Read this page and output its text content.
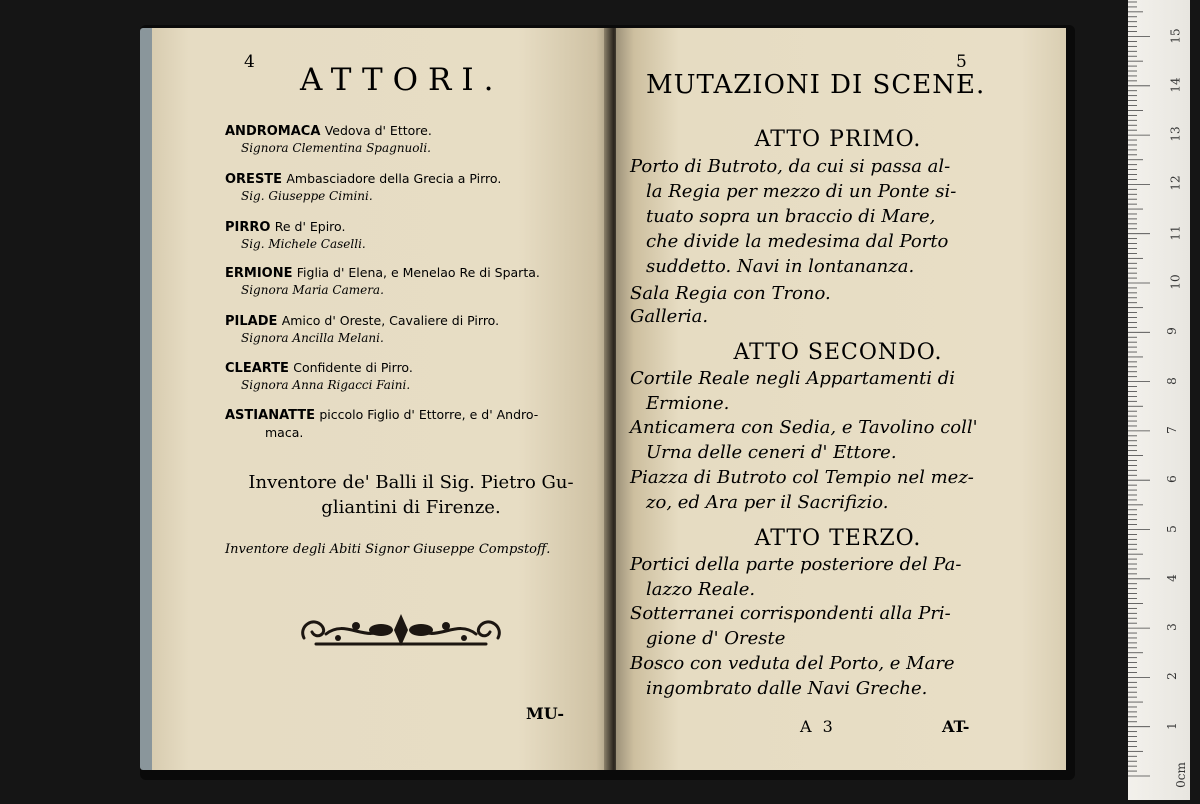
4 ATTORI.
ANDROMACA Vedova d' Ettore.
Signora Clementina Spagnuoli.
ORESTE Ambasciadore della Grecia a Pirro.
Sig. Giuseppe Cimini.
PIRRO Re d' Epiro.
Sig. Michele Caselli.
ERMIONE Figlia d' Elena, e Menelao Re di Sparta.
Signora Maria Camera.
PILADE Amico d' Oreste, Cavaliere di Pirro.
Signora Ancilla Melani.
CLEARTE Confidente di Pirro.
Signora Anna Rigacci Faini.
ASTIANATTE piccolo Figlio d' Ettorre, e d' Andro-
maca.
Inventore de' Balli il Sig. Pietro Gu-
gliantini di Firenze.
Inventore degli Abiti Signor Giuseppe Compstoff.
MU-
5
MUTAZIONI DI SCENE.
ATTO PRIMO.
Porto di Butroto, da cui si passa al-
la Regia per mezzo di un Ponte si-
tuato sopra un braccio di Mare,
che divide la medesima dal Porto
suddetto. Navi in lontananza.
Sala Regia con Trono.
Galleria.
ATTO SECONDO.
Cortile Reale negli Appartamenti di
Ermione.
Anticamera con Sedia, e Tavolino coll'
Urna delle ceneri d' Ettore.
Piazza di Butroto col Tempio nel mez-
zo, ed Ara per il Sacrifizio.
ATTO TERZO.
Portici della parte posteriore del Pa-
lazzo Reale.
Sotterranei corrispondenti alla Pri-
gione d' Oreste
Bosco con veduta del Porto, e Mare
ingombrato dalle Navi Greche.
A 3	AT-
0cm
1
2
3
4
5
6
7
8
9
10
11
12
13
14
15
